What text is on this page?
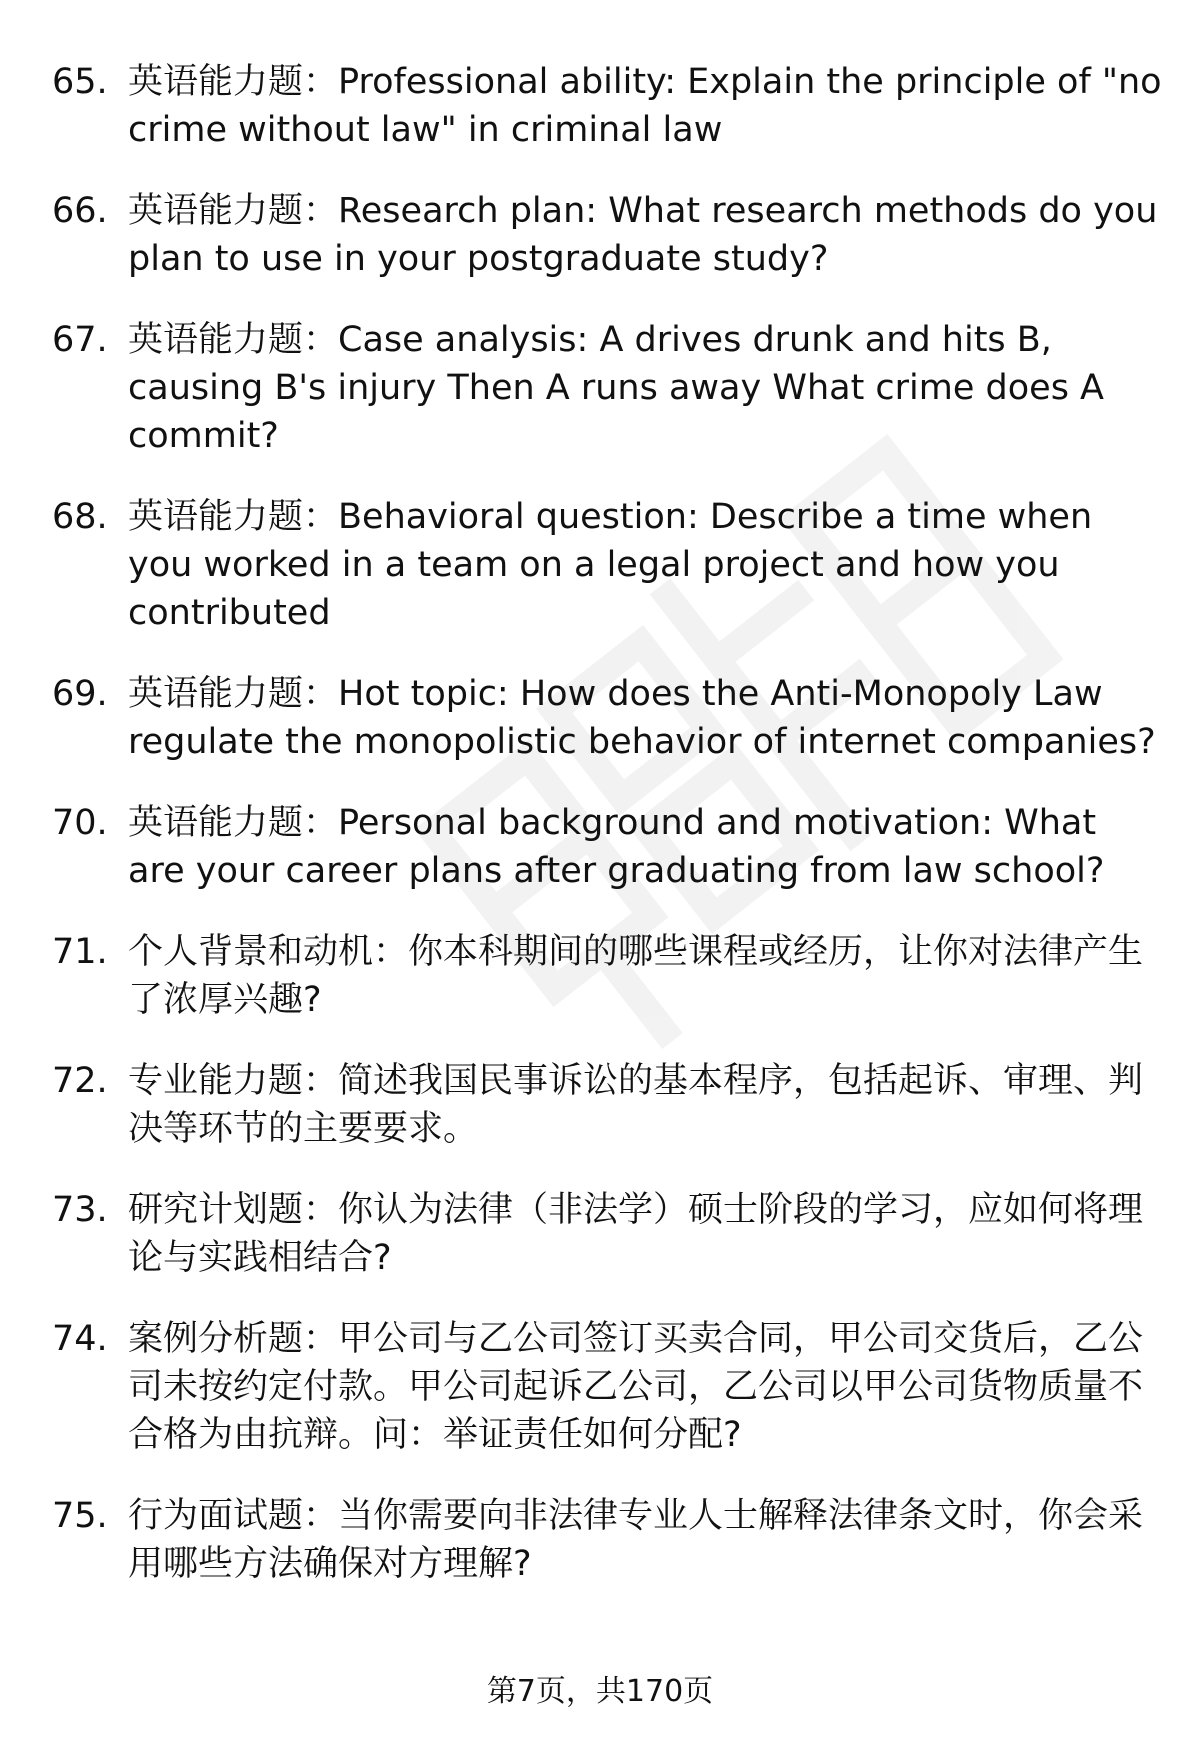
65. 英语能力题：Professional ability: Explain the principle of "no crime without law" in criminal law
66. 英语能力题：Research plan: What research methods do you plan to use in your postgraduate study?
67. 英语能力题：Case analysis: A drives drunk and hits B, causing B's injury Then A runs away What crime does A commit?
68. 英语能力题：Behavioral question: Describe a time when you worked in a team on a legal project and how you contributed
69. 英语能力题：Hot topic: How does the Anti-Monopoly Law regulate the monopolistic behavior of internet companies?
70. 英语能力题：Personal background and motivation: What are your career plans after graduating from law school?
71. 个人背景和动机：你本科期间的哪些课程或经历，让你对法律产生了浓厚兴趣?
72. 专业能力题：简述我国民事诉讼的基本程序，包括起诉、审理、判决等环节的主要要求。
73. 研究计划题：你认为法律（非法学）硕士阶段的学习，应如何将理论与实践相结合?
74. 案例分析题：甲公司与乙公司签订买卖合同，甲公司交货后，乙公司未按约定付款。甲公司起诉乙公司，乙公司以甲公司货物质量不合格为由抗辩。问：举证责任如何分配?
75. 行为面试题：当你需要向非法律专业人士解释法律条文时，你会采用哪些方法确保对方理解?
第7页，共170页
